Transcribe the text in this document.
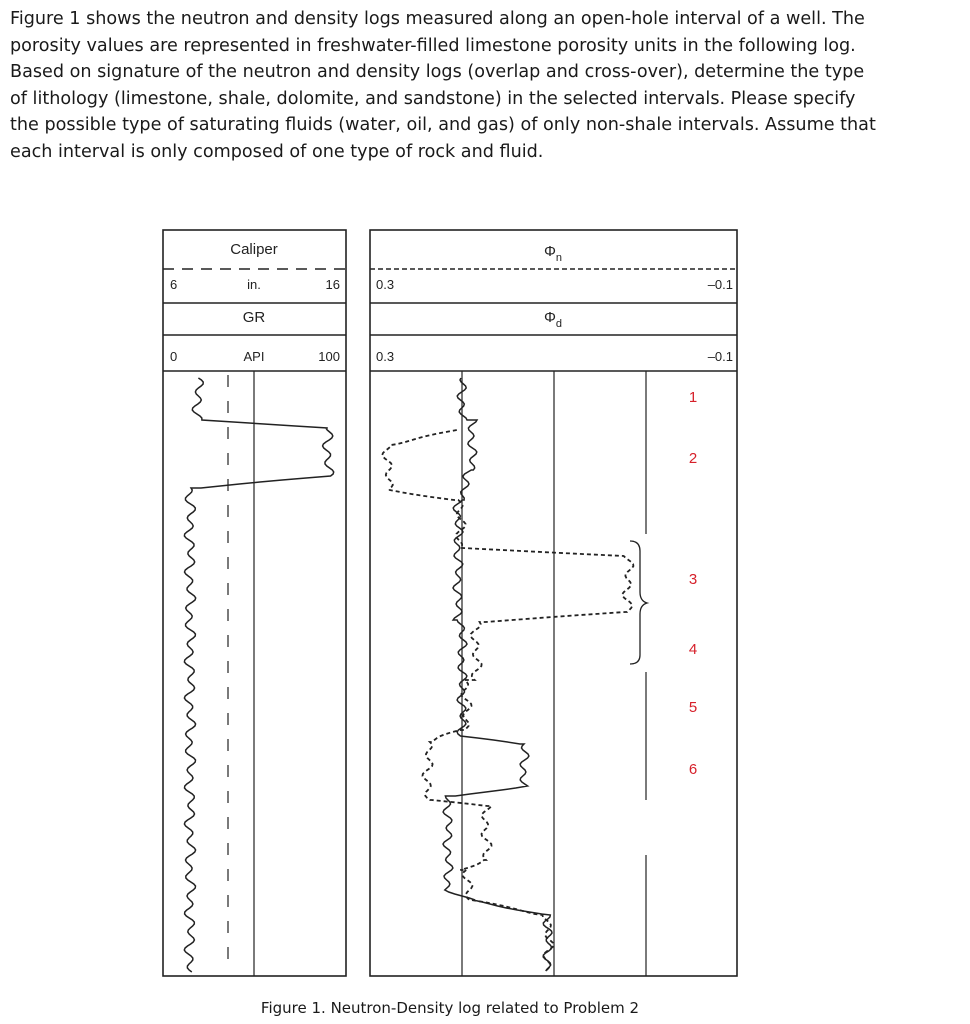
Figure 1 shows the neutron and density logs measured along an open-hole interval of a well. The
porosity values are represented in freshwater-filled limestone porosity units in the following log.
Based on signature of the neutron and density logs (overlap and cross-over), determine the type
of lithology (limestone, shale, dolomite, and sandstone) in the selected intervals. Please specify
the possible type of saturating fluids (water, oil, and gas) of only non-shale intervals. Assume that
each interval is only composed of one type of rock and fluid.
Caliper
6	in.	16
GR
0	API	100
$\Phi_n$
0.3	–0.1
$\Phi_d$
0.3	–0.1
1
2
3
4
5
6
Figure 1. Neutron-Density log related to Problem 2
